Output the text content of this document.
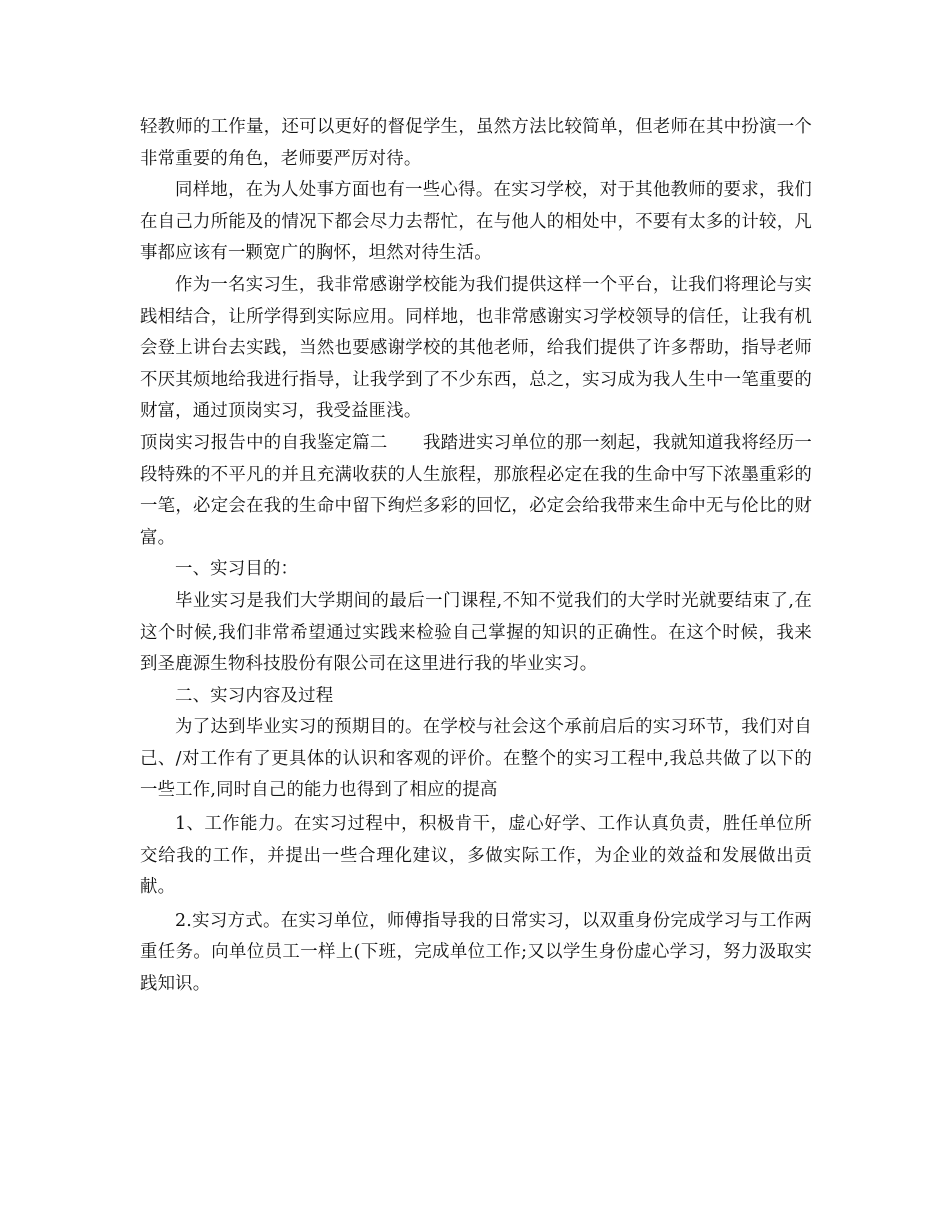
轻教师的工作量，还可以更好的督促学生，虽然方法比较简单，但老师在其中扮演一个非常重要的角色，老师要严厉对待。

同样地，在为人处事方面也有一些心得。在实习学校，对于其他教师的要求，我们在自己力所能及的情况下都会尽力去帮忙，在与他人的相处中，不要有太多的计较，凡事都应该有一颗宽广的胸怀，坦然对待生活。

作为一名实习生，我非常感谢学校能为我们提供这样一个平台，让我们将理论与实践相结合，让所学得到实际应用。同样地，也非常感谢实习学校领导的信任，让我有机会登上讲台去实践，当然也要感谢学校的其他老师，给我们提供了许多帮助，指导老师不厌其烦地给我进行指导，让我学到了不少东西，总之，实习成为我人生中一笔重要的财富，通过顶岗实习，我受益匪浅。

顶岗实习报告中的自我鉴定篇二　　我踏进实习单位的那一刻起，我就知道我将经历一段特殊的不平凡的并且充满收获的人生旅程，那旅程必定在我的生命中写下浓墨重彩的一笔，必定会在我的生命中留下绚烂多彩的回忆，必定会给我带来生命中无与伦比的财富。

一、实习目的：

毕业实习是我们大学期间的最后一门课程,不知不觉我们的大学时光就要结束了,在这个时候,我们非常希望通过实践来检验自己掌握的知识的正确性。在这个时候，我来到圣鹿源生物科技股份有限公司在这里进行我的毕业实习。

二、实习内容及过程

为了达到毕业实习的预期目的。在学校与社会这个承前启后的实习环节，我们对自己、/对工作有了更具体的认识和客观的评价。在整个的实习工程中,我总共做了以下的一些工作,同时自己的能力也得到了相应的提高

1、工作能力。在实习过程中，积极肯干，虚心好学、工作认真负责，胜任单位所交给我的工作，并提出一些合理化建议，多做实际工作，为企业的效益和发展做出贡献。

2.实习方式。在实习单位，师傅指导我的日常实习，以双重身份完成学习与工作两重任务。向单位员工一样上(下班，完成单位工作;又以学生身份虚心学习，努力汲取实践知识。
